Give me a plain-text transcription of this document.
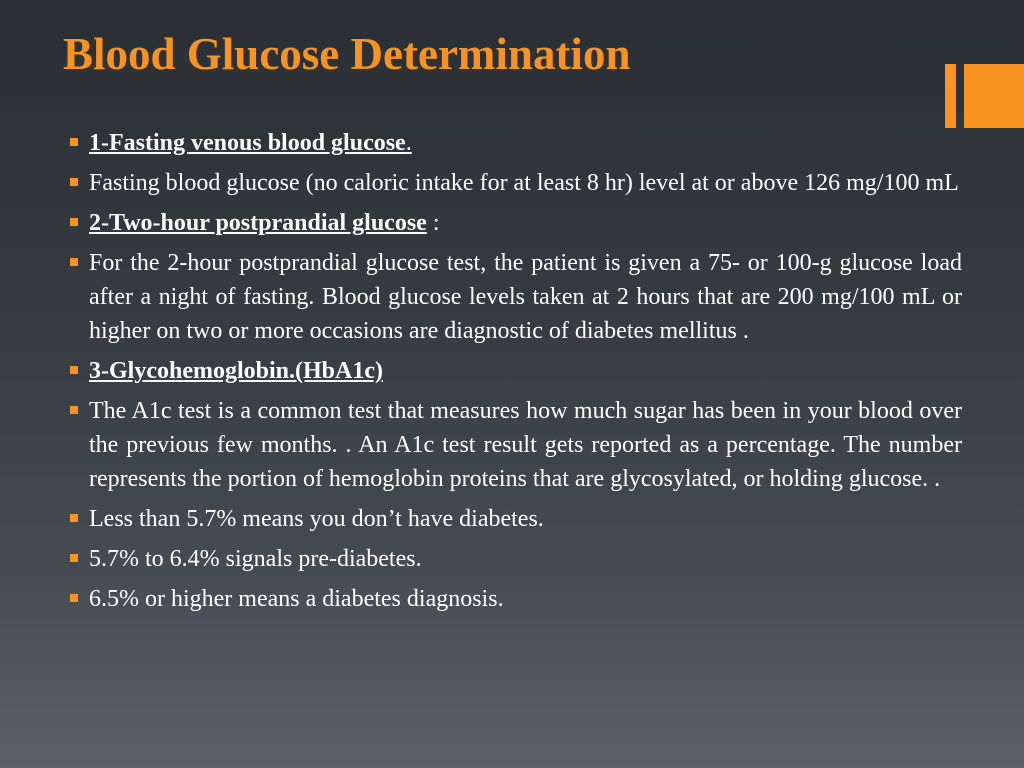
Blood Glucose Determination
1-Fasting venous blood glucose.
Fasting blood glucose (no caloric intake for at least 8 hr) level at or above 126 mg/100 mL
2-Two-hour postprandial glucose :
For the 2-hour postprandial glucose test, the patient is given a 75- or 100-g glucose load after a night of fasting. Blood glucose levels taken at 2 hours that are 200 mg/100 mL or higher on two or more occasions are diagnostic of diabetes mellitus .
3-Glycohemoglobin.(HbA1c)
The A1c test is a common test that measures how much sugar has been in your blood over the previous few months. . An A1c test result gets reported as a percentage. The number represents the portion of hemoglobin proteins that are glycosylated, or holding glucose. .
Less than 5.7% means you don’t have diabetes.
5.7% to 6.4% signals pre-diabetes.
6.5% or higher means a diabetes diagnosis.
